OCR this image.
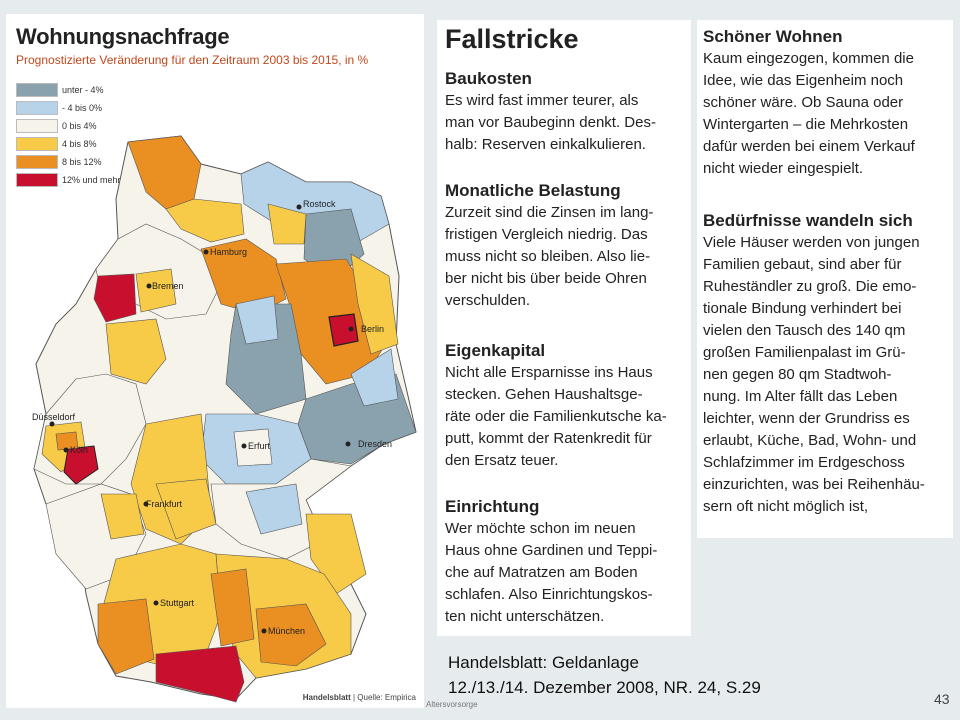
Rostock
Hamburg
Bremen
Berlin
Düsseldorf
Köln	Erfurt	Dresden
Frankfurt
Stuttgart
München
Wohnungsnachfrage
Prognostizierte Veränderung für den Zeitraum 2003 bis 2015, in %
unter - 4%
- 4 bis 0%
0 bis 4%
4 bis 8%
8 bis 12%
12% und mehr
Handelsblatt | Quelle: Empirica
Fallstricke
Baukosten
Es wird fast immer teurer, als
man vor Baubeginn denkt. Des-
halb: Reserven einkalkulieren.
Monatliche Belastung
Zurzeit sind die Zinsen im lang-
fristigen Vergleich niedrig. Das
muss nicht so bleiben. Also lie-
ber nicht bis über beide Ohren
verschulden.
Eigenkapital
Nicht alle Ersparnisse ins Haus
stecken. Gehen Haushaltsge-
räte oder die Familienkutsche ka-
putt, kommt der Ratenkredit für
den Ersatz teuer.
Einrichtung
Wer möchte schon im neuen
Haus ohne Gardinen und Teppi-
che auf Matratzen am Boden
schlafen. Also Einrichtungskos-
ten nicht unterschätzen.
Schöner Wohnen
Kaum eingezogen, kommen die
Idee, wie das Eigenheim noch
schöner wäre. Ob Sauna oder
Wintergarten – die Mehrkosten
dafür werden bei einem Verkauf
nicht wieder eingespielt.
Bedürfnisse wandeln sich
Viele Häuser werden von jungen
Familien gebaut, sind aber für
Ruheständler zu groß. Die emo-
tionale Bindung verhindert bei
vielen den Tausch des 140 qm
großen Familienpalast im Grü-
nen gegen 80 qm Stadtwoh-
nung. Im Alter fällt das Leben
leichter, wenn der Grundriss es
erlaubt, Küche, Bad, Wohn- und
Schlafzimmer im Erdgeschoss
einzurichten, was bei Reihenhäu-
sern oft nicht möglich ist,
Handelsblatt: Geldanlage
12./13./14. Dezember 2008, NR. 24, S.29
Altersvorsorge	43
